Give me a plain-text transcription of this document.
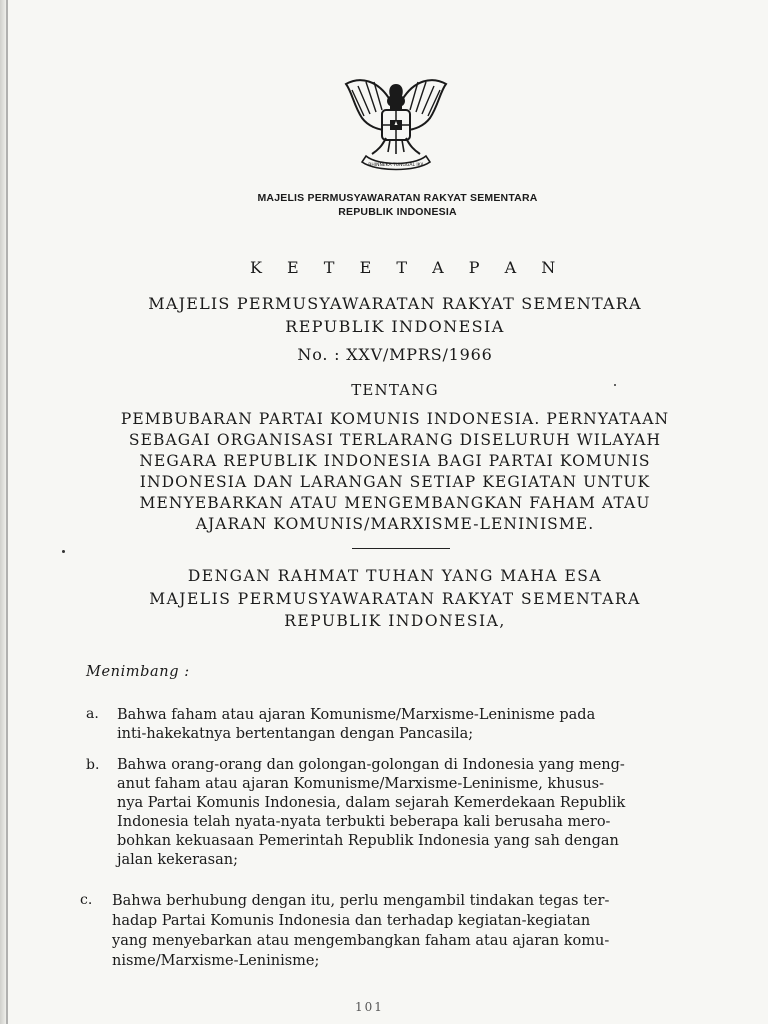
BHINNEKA TUNGGAL IKA
MAJELIS PERMUSYAWARATAN RAKYAT SEMENTARA
REPUBLIK INDONESIA
K E T E T A P A N
MAJELIS PERMUSYAWARATAN RAKYAT SEMENTARA
REPUBLIK INDONESIA
No. : XXV/MPRS/1966
TENTANG
PEMBUBARAN PARTAI KOMUNIS INDONESIA. PERNYATAAN
SEBAGAI ORGANISASI TERLARANG DISELURUH WILAYAH
NEGARA REPUBLIK INDONESIA BAGI PARTAI KOMUNIS
INDONESIA DAN LARANGAN SETIAP KEGIATAN UNTUK
MENYEBARKAN ATAU MENGEMBANGKAN FAHAM ATAU
AJARAN KOMUNIS/MARXISME-LENINISME.
DENGAN RAHMAT TUHAN YANG MAHA ESA
MAJELIS PERMUSYAWARATAN RAKYAT SEMENTARA
REPUBLIK INDONESIA,
Menimbang :
a. Bahwa faham atau ajaran Komunisme/Marxisme-Leninisme pada
inti-hakekatnya bertentangan dengan Pancasila;
b. Bahwa orang-orang dan golongan-golongan di Indonesia yang meng-
anut faham atau ajaran Komunisme/Marxisme-Leninisme, khusus-
nya Partai Komunis Indonesia, dalam sejarah Kemerdekaan Republik
Indonesia telah nyata-nyata terbukti beberapa kali berusaha mero-
bohkan kekuasaan Pemerintah Republik Indonesia yang sah dengan
jalan kekerasan;
c. Bahwa berhubung dengan itu, perlu mengambil tindakan tegas ter-
hadap Partai Komunis Indonesia dan terhadap kegiatan-kegiatan
yang menyebarkan atau mengembangkan faham atau ajaran komu-
nisme/Marxisme-Leninisme;
101
